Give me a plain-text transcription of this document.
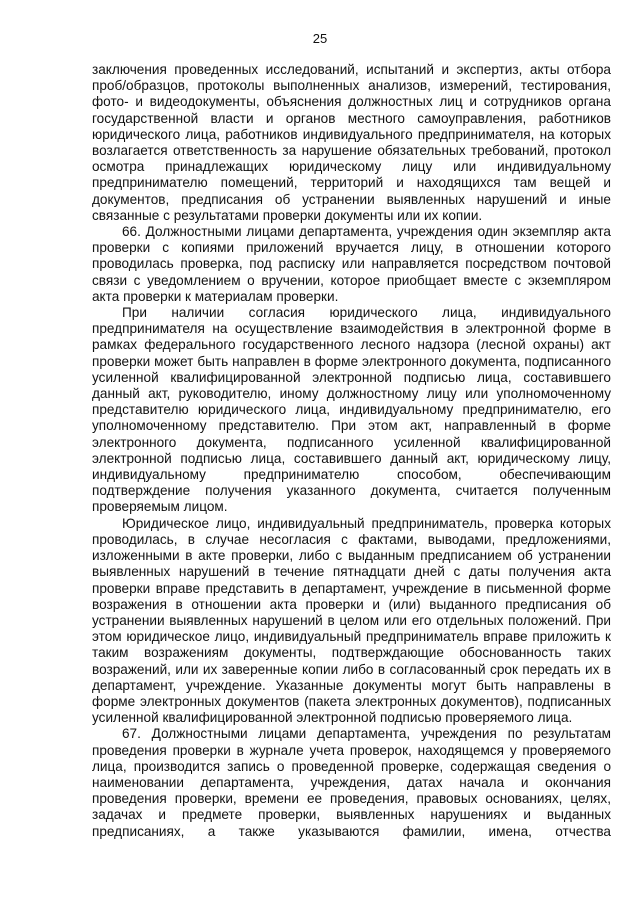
25

заключения проведенных исследований, испытаний и экспертиз, акты отбора проб/образцов, протоколы выполненных анализов, измерений, тестирования, фото- и видеодокументы, объяснения должностных лиц и сотрудников органа государственной власти и органов местного самоуправления, работников юридического лица, работников индивидуального предпринимателя, на которых возлагается ответственность за нарушение обязательных требований, протокол осмотра принадлежащих юридическому лицу или индивидуальному предпринимателю помещений, территорий и находящихся там вещей и документов, предписания об устранении выявленных нарушений и иные связанные с результатами проверки документы или их копии.

66. Должностными лицами департамента, учреждения один экземпляр акта проверки с копиями приложений вручается лицу, в отношении которого проводилась проверка, под расписку или направляется посредством почтовой связи с уведомлением о вручении, которое приобщает вместе с экземпляром акта проверки к материалам проверки.

При наличии согласия юридического лица, индивидуального предпринимателя на осуществление взаимодействия в электронной форме в рамках федерального государственного лесного надзора (лесной охраны) акт проверки может быть направлен в форме электронного документа, подписанного усиленной квалифицированной электронной подписью лица, составившего данный акт, руководителю, иному должностному лицу или уполномоченному представителю юридического лица, индивидуальному предпринимателю, его уполномоченному представителю. При этом акт, направленный в форме электронного документа, подписанного усиленной квалифицированной электронной подписью лица, составившего данный акт, юридическому лицу, индивидуальному предпринимателю способом, обеспечивающим подтверждение получения указанного документа, считается полученным проверяемым лицом.

Юридическое лицо, индивидуальный предприниматель, проверка которых проводилась, в случае несогласия с фактами, выводами, предложениями, изложенными в акте проверки, либо с выданным предписанием об устранении выявленных нарушений в течение пятнадцати дней с даты получения акта проверки вправе представить в департамент, учреждение в письменной форме возражения в отношении акта проверки и (или) выданного предписания об устранении выявленных нарушений в целом или его отдельных положений. При этом юридическое лицо, индивидуальный предприниматель вправе приложить к таким возражениям документы, подтверждающие обоснованность таких возражений, или их заверенные копии либо в согласованный срок передать их в департамент, учреждение. Указанные документы могут быть направлены в форме электронных документов (пакета электронных документов), подписанных усиленной квалифицированной электронной подписью проверяемого лица.

67. Должностными лицами департамента, учреждения по результатам проведения проверки в журнале учета проверок, находящемся у проверяемого лица, производится запись о проведенной проверке, содержащая сведения о наименовании департамента, учреждения, датах начала и окончания проведения проверки, времени ее проведения, правовых основаниях, целях, задачах и предмете проверки, выявленных нарушениях и выданных предписаниях, а также указываются фамилии, имена, отчества
